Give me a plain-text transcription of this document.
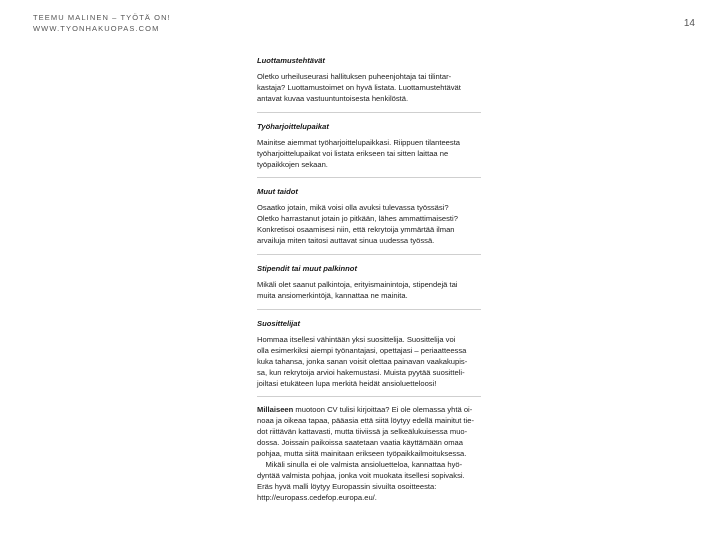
TEEMU MALINEN – TYÖTÄ ON!
WWW.TYONHAKUOPAS.COM	14
Luottamustehtävät

Oletko urheiluseurasi hallituksen puheenjohtaja tai tilintar-
kastaja? Luottamustoimet on hyvä listata. Luottamustehtävät
antavat kuvaa vastuuntuntoisesta henkilöstä.

Työharjoittelupaikat

Mainitse aiemmat työharjoittelupaikkasi. Riippuen tilanteesta
työharjoittelupaikat voi listata erikseen tai sitten laittaa ne
työpaikkojen sekaan.

Muut taidot

Osaatko jotain, mikä voisi olla avuksi tulevassa työssäsi?
Oletko harrastanut jotain jo pitkään, lähes ammattimaisesti?
Konkretisoi osaamisesi niin, että rekrytoija ymmärtää ilman
arvailuja miten taitosi auttavat sinua uudessa työssä.

Stipendit tai muut palkinnot

Mikäli olet saanut palkintoja, erityismainintoja, stipendejä tai
muita ansiomerkintöjä, kannattaa ne mainita.

Suosittelijat

Hommaa itsellesi vähintään yksi suosittelija. Suosittelija voi
olla esimerkiksi aiempi työnantajasi, opettajasi – periaatteessa
kuka tahansa, jonka sanan voisit olettaa painavan vaakakupis-
sa, kun rekrytoija arvioi hakemustasi. Muista pyytää suositteli-
joiltasi etukäteen lupa merkitä heidät ansioluetteloosi!

Millaiseen muotoon CV tulisi kirjoittaa? Ei ole olemassa yhtä oi-
noaa ja oikeaa tapaa, pääasia että siitä löytyy edellä mainitut tie-
dot riittävän kattavasti, mutta tiiviissä ja selkeälukuisessa muo-
dossa. Joissain paikoissa saatetaan vaatia käyttämään omaa
pohjaa, mutta siitä mainitaan erikseen työpaikkailmoituksessa.
Mikäli sinulla ei ole valmista ansioluetteloa, kannattaa hyö-
dyntää valmista pohjaa, jonka voit muokata itsellesi sopivaksi.
Eräs hyvä malli löytyy Europassin sivuilta osoitteesta:
http://europass.cedefop.europa.eu/.
